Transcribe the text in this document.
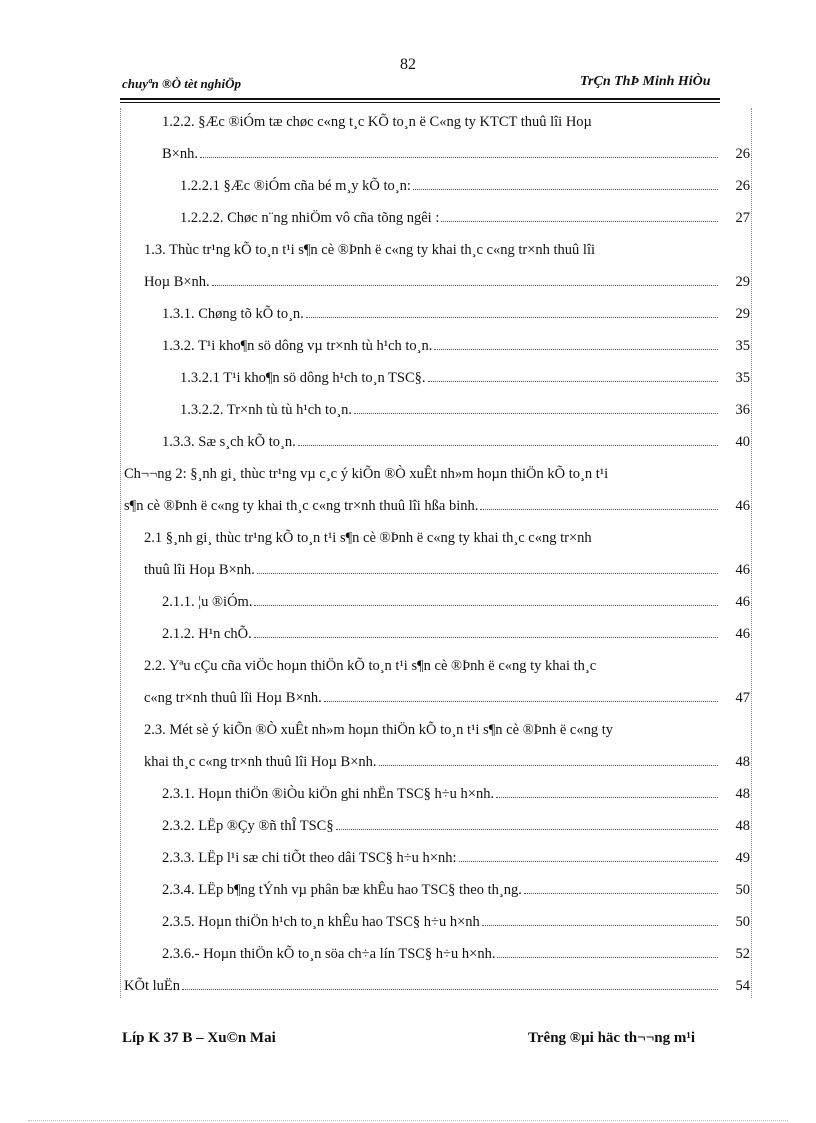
82
chuyªn ®Ò tèt nghiÖp	TrÇn ThÞ Minh HiÒu
1.2.2. §Æc ®iÓm tæ chøc c«ng t¸c KÕ to¸n ë C«ng ty KTCT thuû lîi Hoµ
B×nh.	26
1.2.2.1 §Æc ®iÓm cña bé m¸y kÕ to¸n:	26
1.2.2.2. Chøc n¨ng nhiÖm vô cña tõng ngêi :	27
1.3. Thùc tr¹ng kÕ to¸n t¹i s¶n cè ®Þnh ë c«ng ty khai th¸c c«ng tr×nh thuû lîi
Hoµ B×nh.	29
1.3.1. Chøng tõ kÕ to¸n.	29
1.3.2. T¹i kho¶n sö dông vµ tr×nh tù h¹ch to¸n.	35
1.3.2.1 T¹i kho¶n sö dông h¹ch to¸n TSC§.	35
1.3.2.2. Tr×nh tù tù h¹ch to¸n.	36
1.3.3. Sæ s¸ch kÕ to¸n.	40
Ch¬¬ng 2: §¸nh gi¸ thùc tr¹ng vµ c¸c ý kiÕn ®Ò xuÊt nh»m hoµn thiÖn kÕ to¸n t¹i
s¶n cè ®Þnh ë c«ng ty khai th¸c c«ng tr×nh thuû lîi hßa binh.	46
2.1 §¸nh gi¸ thùc tr¹ng kÕ to¸n t¹i s¶n cè ®Þnh ë c«ng ty khai th¸c c«ng tr×nh
thuû lîi Hoµ B×nh.	46
2.1.1. ¦u ®iÓm.	46
2.1.2. H¹n chÕ.	46
2.2. Yªu cÇu cña viÖc hoµn thiÖn kÕ to¸n t¹i s¶n cè ®Þnh ë c«ng ty khai th¸c
c«ng tr×nh thuû lîi Hoµ B×nh.	47
2.3. Mét sè ý kiÕn ®Ò xuÊt nh»m hoµn thiÖn kÕ to¸n t¹i s¶n cè ®Þnh ë c«ng ty
khai th¸c c«ng tr×nh thuû lîi Hoµ B×nh.	48
2.3.1. Hoµn thiÖn ®iÒu kiÖn ghi nhËn TSC§ h÷u h×nh.	48
2.3.2. LËp ®Çy ®ñ thÎ TSC§	48
2.3.3. LËp l¹i sæ chi tiÕt theo dâi TSC§ h÷u h×nh:	49
2.3.4. LËp b¶ng tÝnh vµ phân bæ khÊu hao TSC§ theo th¸ng.	50
2.3.5. Hoµn thiÖn h¹ch to¸n khÊu hao TSC§ h÷u h×nh	50
2.3.6.- Hoµn thiÖn kÕ to¸n söa ch÷a lín TSC§ h÷u h×nh.	52
KÕt luËn	54
Líp K 37 B – Xu©n Mai	Trêng ®µi häc th¬¬ng m¹i
